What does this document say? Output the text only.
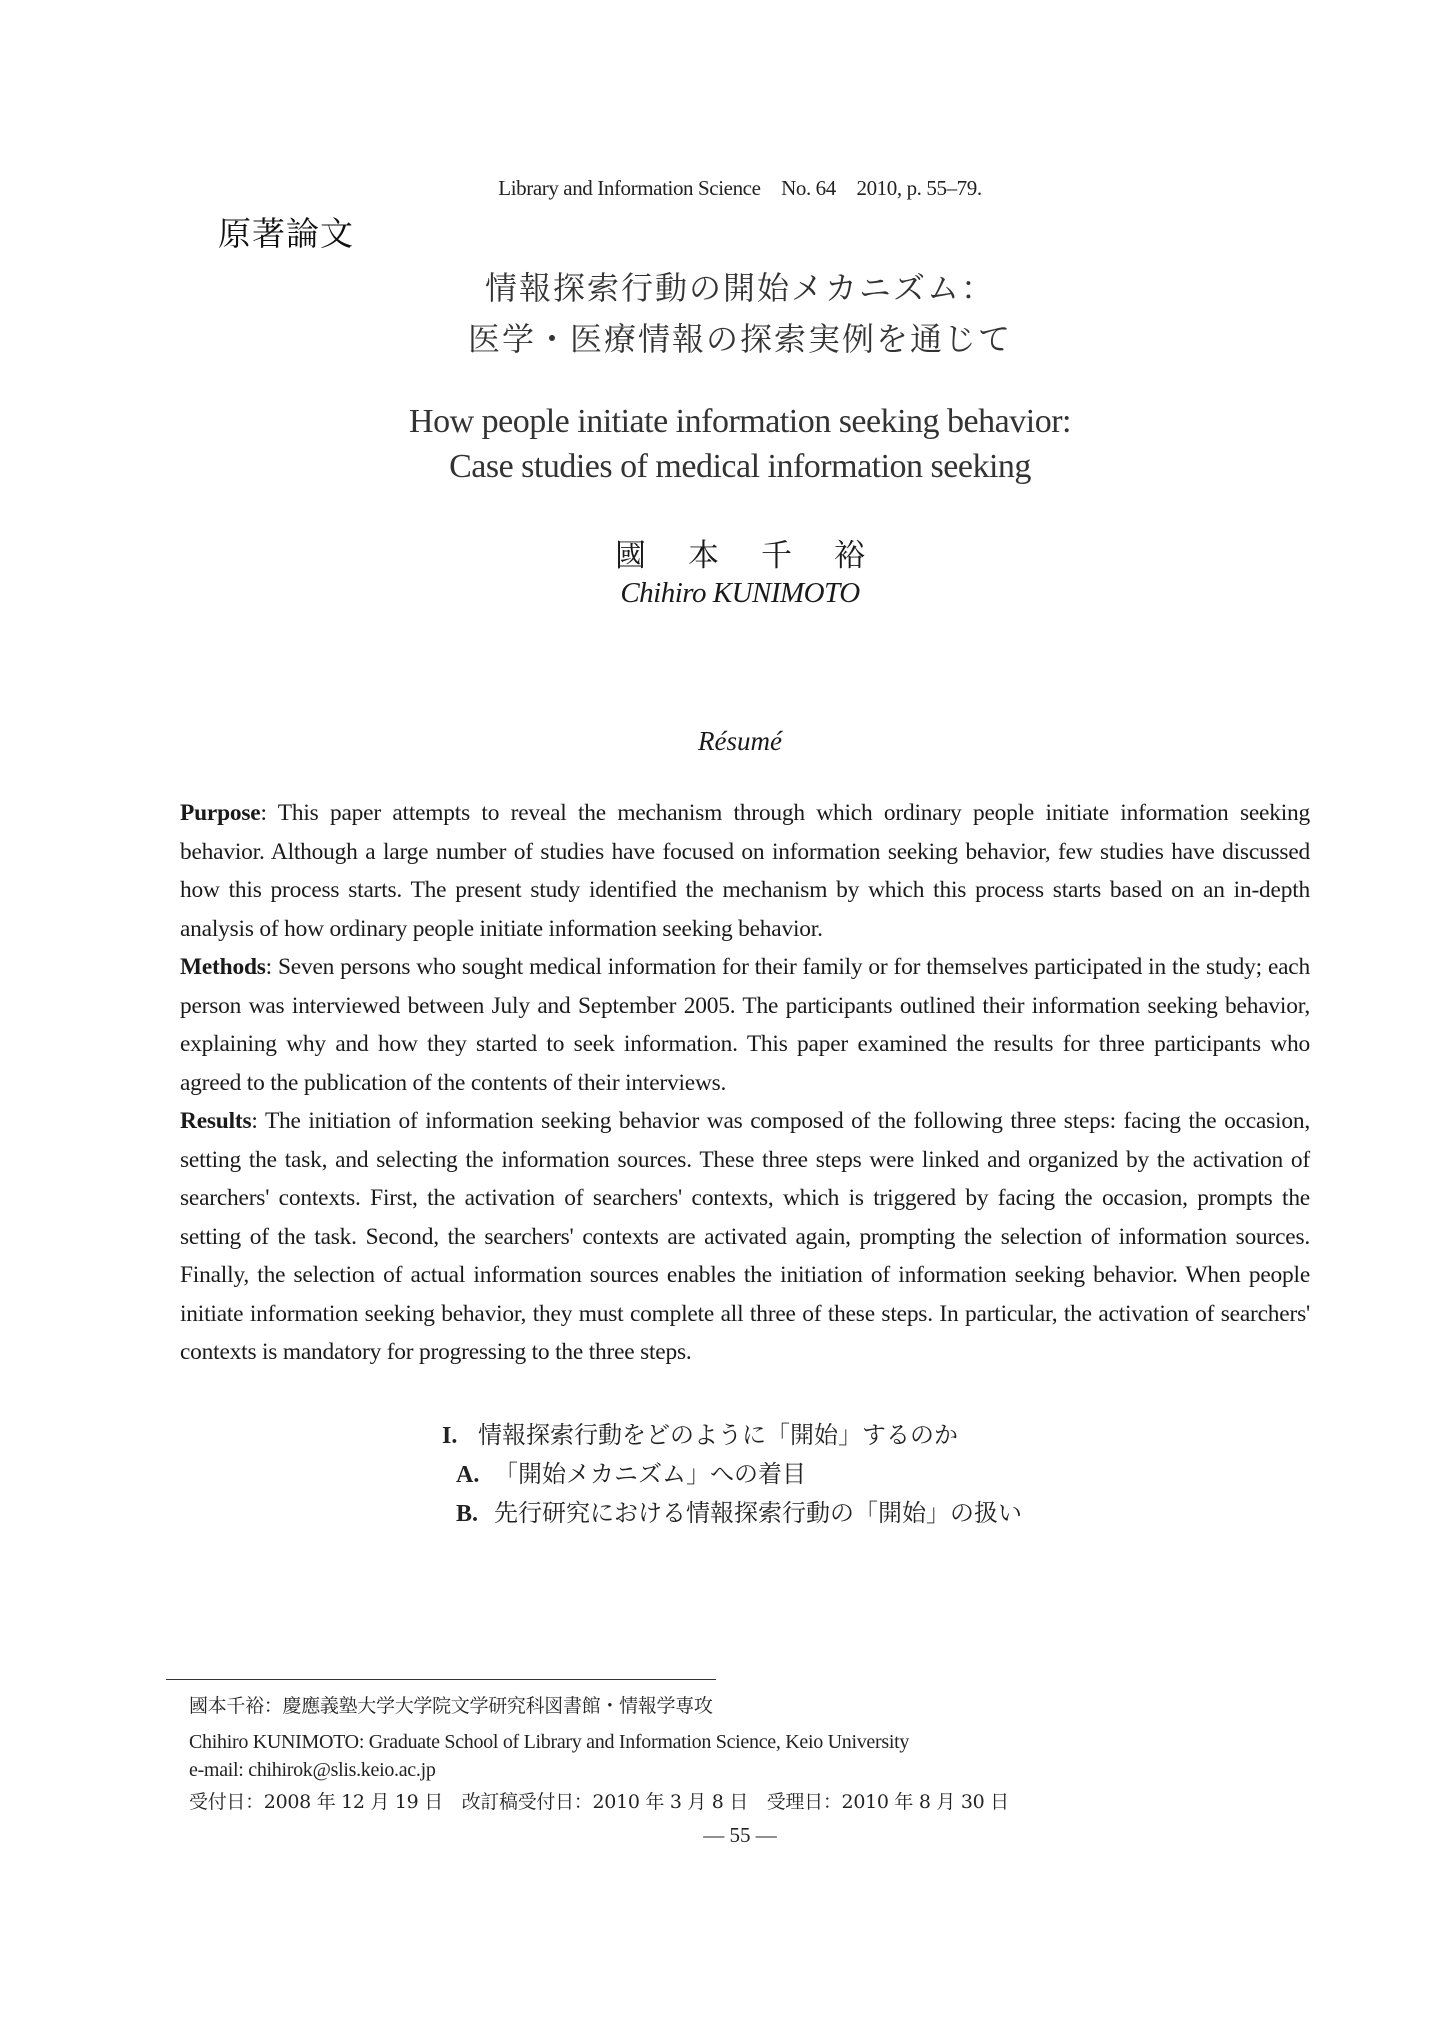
Library and Information Science　No. 64　2010, p. 55–79.
原著論文
情報探索行動の開始メカニズム：
医学・医療情報の探索実例を通じて
How people initiate information seeking behavior:
Case studies of medical information seeking
國 本 千 裕
Chihiro KUNIMOTO
Résumé

Purpose: This paper attempts to reveal the mechanism through which ordinary people initiate information seeking behavior. Although a large number of studies have focused on information seeking behavior, few studies have discussed how this process starts. The present study identified the mechanism by which this process starts based on an in-depth analysis of how ordinary people initiate information seeking behavior.

Methods: Seven persons who sought medical information for their family or for themselves participated in the study; each person was interviewed between July and September 2005. The participants outlined their information seeking behavior, explaining why and how they started to seek information. This paper examined the results for three participants who agreed to the publication of the contents of their interviews.

Results: The initiation of information seeking behavior was composed of the following three steps: facing the occasion, setting the task, and selecting the information sources. These three steps were linked and organized by the activation of searchers' contexts. First, the activation of searchers' contexts, which is triggered by facing the occasion, prompts the setting of the task. Second, the searchers' contexts are activated again, prompting the selection of information sources. Finally, the selection of actual information sources enables the initiation of information seeking behavior. When people initiate information seeking behavior, they must complete all three of these steps. In particular, the activation of searchers' contexts is mandatory for progressing to the three steps.

I. 情報探索行動をどのように「開始」するのか
A. 「開始メカニズム」への着目
B. 先行研究における情報探索行動の「開始」の扱い
國本千裕：慶應義塾大学大学院文学研究科図書館・情報学専攻
Chihiro KUNIMOTO: Graduate School of Library and Information Science, Keio University
e-mail: chihirok@slis.keio.ac.jp
受付日：2008 年 12 月 19 日　改訂稿受付日：2010 年 3 月 8 日　受理日：2010 年 8 月 30 日
— 55 —
